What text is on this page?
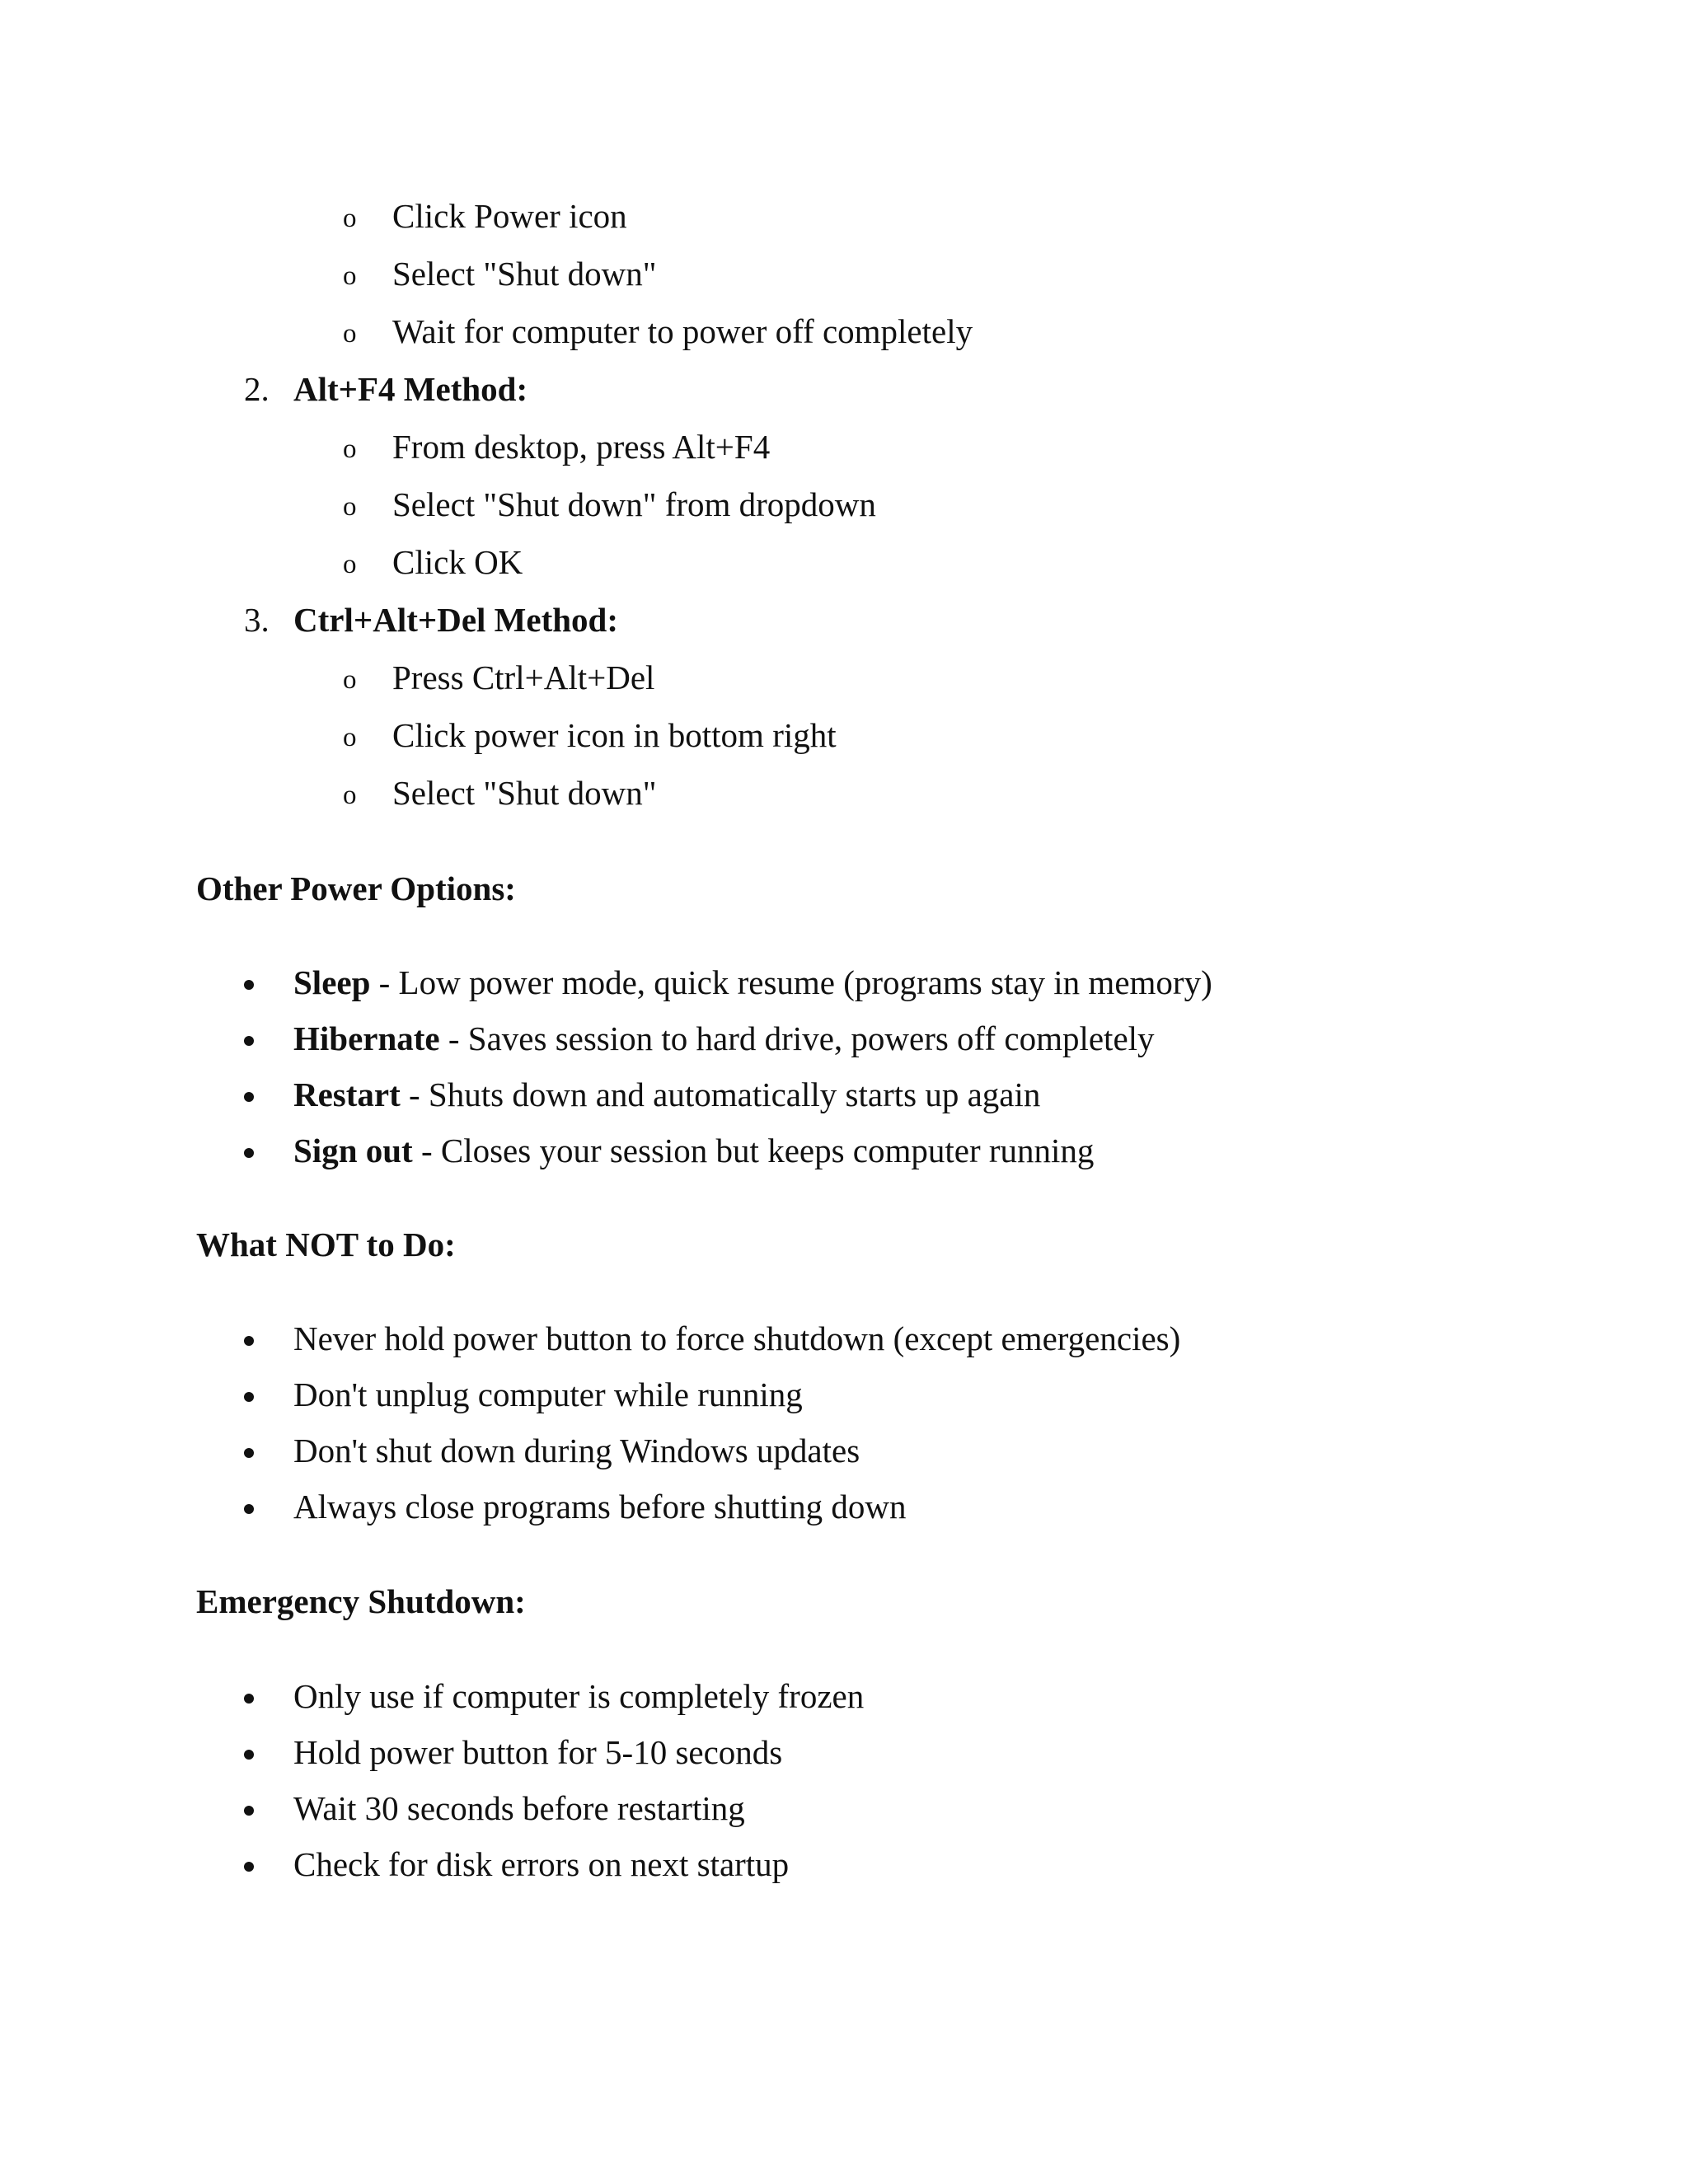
o Click Power icon
o Select "Shut down"
o Wait for computer to power off completely
2. Alt+F4 Method:
o From desktop, press Alt+F4
o Select "Shut down" from dropdown
o Click OK
3. Ctrl+Alt+Del Method:
o Press Ctrl+Alt+Del
o Click power icon in bottom right
o Select "Shut down"
Other Power Options:
Sleep - Low power mode, quick resume (programs stay in memory)
Hibernate - Saves session to hard drive, powers off completely
Restart - Shuts down and automatically starts up again
Sign out - Closes your session but keeps computer running
What NOT to Do:
Never hold power button to force shutdown (except emergencies)
Don't unplug computer while running
Don't shut down during Windows updates
Always close programs before shutting down
Emergency Shutdown:
Only use if computer is completely frozen
Hold power button for 5-10 seconds
Wait 30 seconds before restarting
Check for disk errors on next startup
